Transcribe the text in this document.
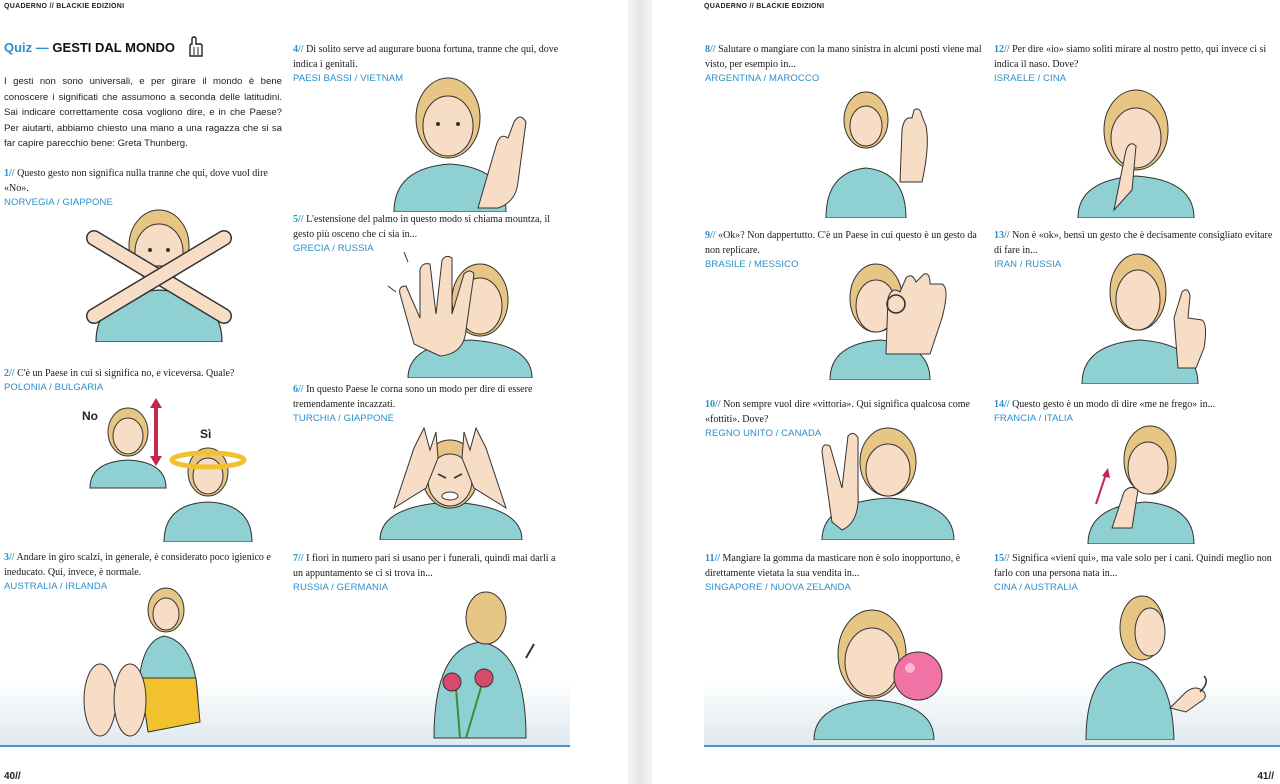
QUADERNO // BLACKIE EDIZIONI
Quiz — GESTI DAL MONDO
I gesti non sono universali, e per girare il mondo è bene conoscere i significati che assumono a seconda delle latitudini. Sai indicare correttamente cosa vogliono dire, e in che Paese? Per aiutarti, abbiamo chiesto una mano a una ragazza che si sa far capire parecchio bene: Greta Thunberg.
40//
QUADERNO // BLACKIE EDIZIONI
41//
1// Questo gesto non significa nulla tranne che qui, dove vuol dire «No».
NORVEGIA / GIAPPONE
2// C'è un Paese in cui sì significa no, e viceversa. Quale?
POLONIA / BULGARIA
3// Andare in giro scalzi, in generale, è considerato poco igienico e ineducato. Qui, invece, è normale.
AUSTRALIA / IRLANDA
4// Di solito serve ad augurare buona fortuna, tranne che qui, dove indica i genitali.
PAESI BASSI / VIETNAM
5// L'estensione del palmo in questo modo si chiama mountza, il gesto più osceno che ci sia in...
GRECIA / RUSSIA
6// In questo Paese le corna sono un modo per dire di essere tremendamente incazzati.
TURCHIA / GIAPPONE
7// I fiori in numero pari si usano per i funerali, quindi mai darli a un appuntamento se ci si trova in...
RUSSIA / GERMANIA
8// Salutare o mangiare con la mano sinistra in alcuni posti viene mal visto, per esempio in...
ARGENTINA / MAROCCO
9// «Ok»? Non dappertutto. C'è un Paese in cui questo è un gesto da non replicare.
BRASILE / MESSICO
10// Non sempre vuol dire «vittoria». Qui significa qualcosa come «fottiti». Dove?
REGNO UNITO / CANADA
11// Mangiare la gomma da masticare non è solo inopportuno, è direttamente vietata la sua vendita in...
SINGAPORE / NUOVA ZELANDA
12// Per dire «io» siamo soliti mirare al nostro petto, qui invece ci si indica il naso. Dove?
ISRAELE / CINA
13// Non è «ok», bensì un gesto che è decisamente consigliato evitare di fare in...
IRAN / RUSSIA
14// Questo gesto è un modo di dire «me ne frego» in...
FRANCIA / ITALIA
15// Significa «vieni qui», ma vale solo per i cani. Quindi meglio non farlo con una persona nata in...
CINA / AUSTRALIA
No
Sì
